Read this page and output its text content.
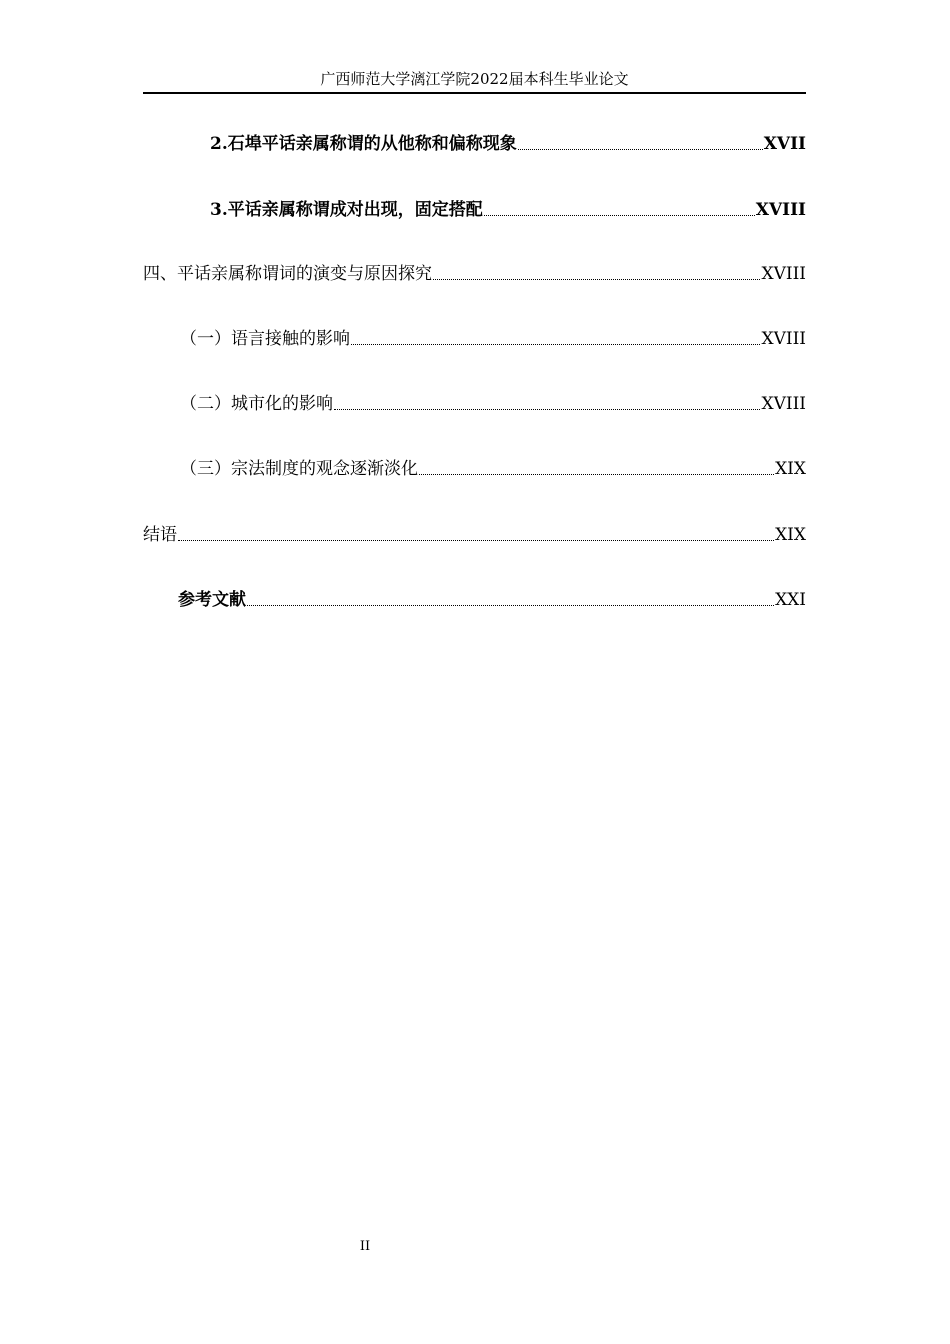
广西师范大学漓江学院2022届本科生毕业论文
2.石埠平话亲属称谓的从他称和偏称现象	XVII
3.平话亲属称谓成对出现，固定搭配	XVIII
四、平话亲属称谓词的演变与原因探究	XVIII
（一）语言接触的影响	XVIII
（二）城市化的影响	XVIII
（三）宗法制度的观念逐渐淡化	XIX
结语	XIX
参考文献	XXI
II
